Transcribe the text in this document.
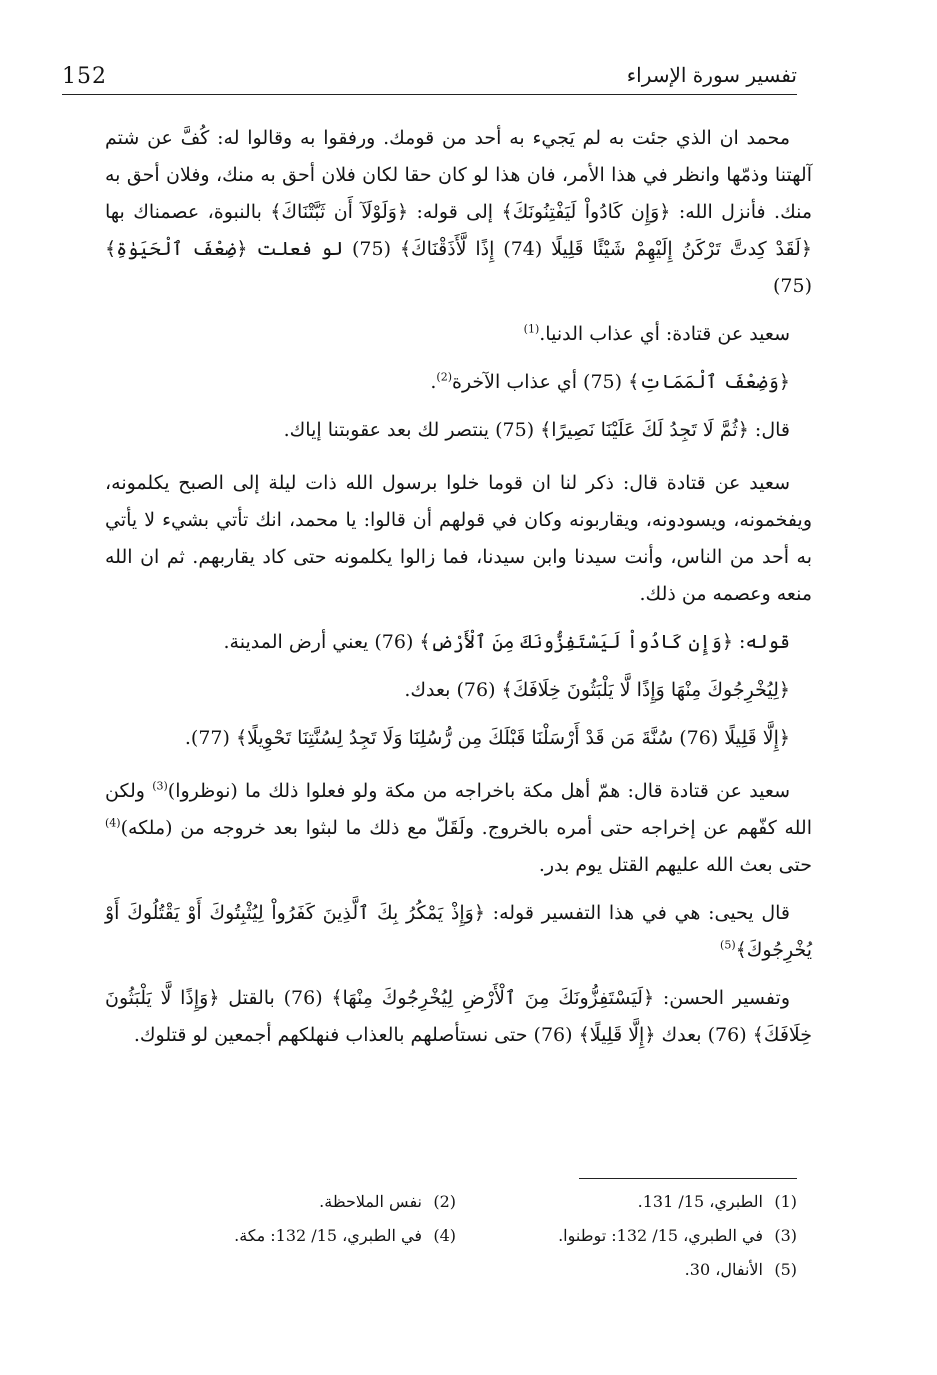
152	تفسير سورة الإسراء

محمد ان الذي جئت به لم يَجيء به أحد من قومك. ورفقوا به وقالوا له: كُفَّ عن شتم آلهتنا وذمّها وانظر في هذا الأمر، فان هذا لو كان حقا لكان فلان أحق به منك، وفلان أحق به منك. فأنزل الله: ﴿وَإِن كَادُواْ لَيَفْتِنُونَكَ﴾ إلى قوله: ﴿وَلَوْلَآ أَن ثَبَّتْنَاكَ﴾ بالنبوة، عصمناك بها ﴿لَقَدْ كِدتَّ تَرْكَنُ إِلَيْهِمْ شَيْئًا قَلِيلًا (74) إِذًا لَّأَذَقْنَاكَ﴾ (75) لو فعلت ﴿ضِعْفَ ٱلْحَيَوٰةِ﴾ (75)

سعيد عن قتادة: أي عذاب الدنيا.$^{(1)}$

﴿وَضِعْفَ ٱلْمَمَاتِ﴾ (75) أي عذاب الآخرة$^{(2)}$.

قال: ﴿ثُمَّ لَا تَجِدُ لَكَ عَلَيْنَا نَصِيرًا﴾ (75) ينتصر لك بعد عقوبتنا إياك.

سعيد عن قتادة قال: ذكر لنا ان قوما خلوا برسول الله ذات ليلة إلى الصبح يكلمونه، ويفخمونه، ويسودونه، ويقاربونه وكان في قولهم أن قالوا: يا محمد، انك تأتي بشيء لا يأتي به أحد من الناس، وأنت سيدنا وابن سيدنا، فما زالوا يكلمونه حتى كاد يقاربهم. ثم ان الله منعه وعصمه من ذلك.

قوله: ﴿وَإِن كَادُواْ لَيَسْتَفِزُّونَكَ مِنَ ٱلْأَرْضِ﴾ (76) يعني أرض المدينة.

﴿لِيُخْرِجُوكَ مِنْهَا وَإِذًا لَّا يَلْبَثُونَ خِلَافَكَ﴾ (76) بعدك.

﴿إِلَّا قَلِيلًا (76) سُنَّةَ مَن قَدْ أَرْسَلْنَا قَبْلَكَ مِن رُّسُلِنَا وَلَا تَجِدُ لِسُنَّتِنَا تَحْوِيلًا﴾ (77).

سعيد عن قتادة قال: همّ أهل مكة باخراجه من مكة ولو فعلوا ذلك ما (نوظروا)$^{(3)}$ ولكن الله كفّهم عن إخراجه حتى أمره بالخروج. ولَقَلّ مع ذلك ما لبثوا بعد خروجه من (ملكه)$^{(4)}$ حتى بعث الله عليهم القتل يوم بدر.

قال يحيى: هي في هذا التفسير قوله: ﴿وَإِذْ يَمْكُرُ بِكَ ٱلَّذِينَ كَفَرُواْ لِيُثْبِتُوكَ أَوْ يَقْتُلُوكَ أَوْ يُخْرِجُوكَ﴾$^{(5)}$

وتفسير الحسن: ﴿لَيَسْتَفِزُّونَكَ مِنَ ٱلْأَرْضِ لِيُخْرِجُوكَ مِنْهَا﴾ (76) بالقتل ﴿وَإِذًا لَّا يَلْبَثُونَ خِلَافَكَ﴾ (76) بعدك ﴿إِلَّا قَلِيلًا﴾ (76) حتى نستأصلهم بالعذاب فنهلكهم أجمعين لو قتلوك.

(1)الطبري، 15/ 131.
(2)نفس الملاحظة.
(3)في الطبري، 15/ 132: توطنوا.
(4)في الطبري، 15/ 132: مكة.
(5)الأنفال، 30.
